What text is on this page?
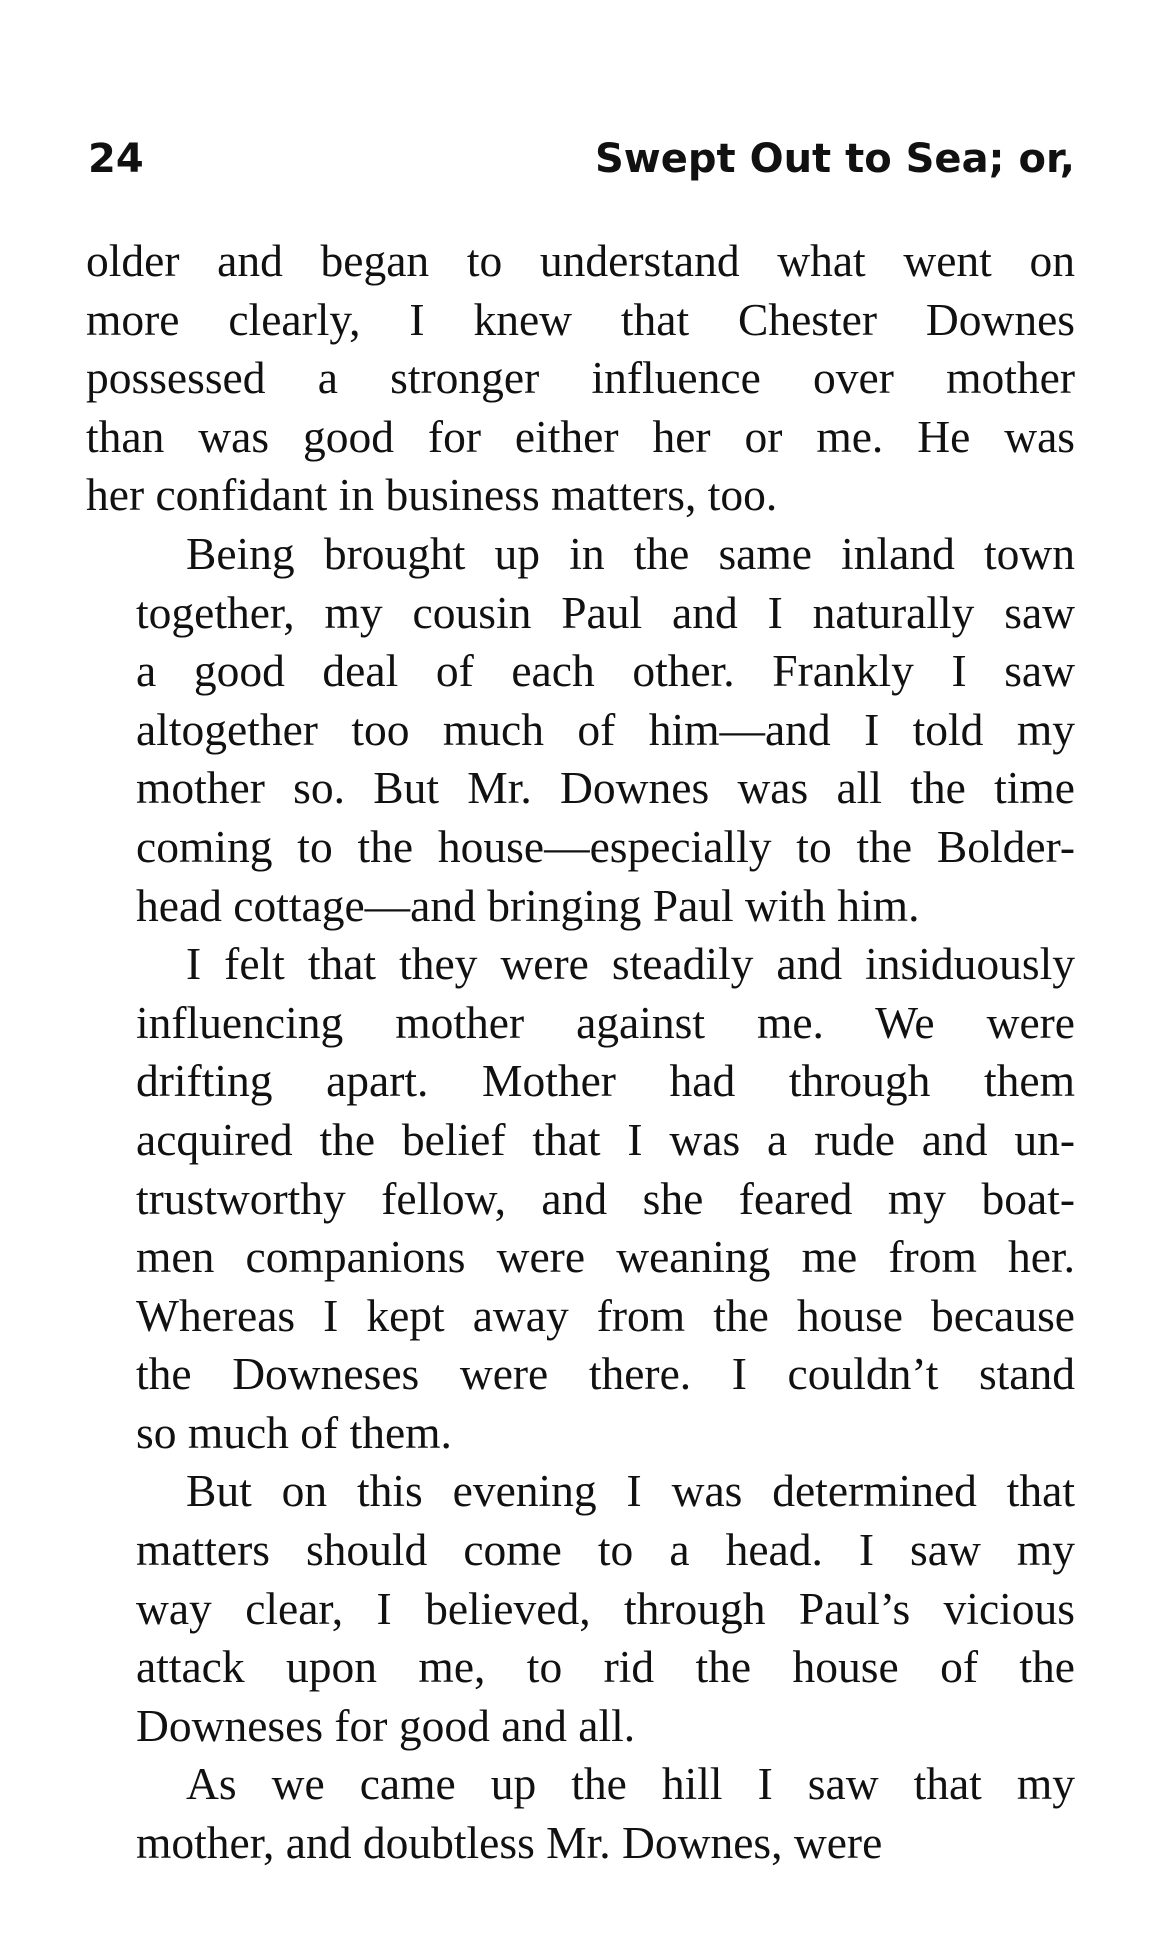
24	Swept Out to Sea; or,
older and began to understand what went on
more clearly, I knew that Chester Downes
possessed a stronger influence over mother
than was good for either her or me. He was
her confidant in business matters, too.
Being brought up in the same inland town
together, my cousin Paul and I naturally saw
a good deal of each other. Frankly I saw
altogether too much of him—and I told my
mother so. But Mr. Downes was all the time
coming to the house—especially to the Bolder-
head cottage—and bringing Paul with him.
I felt that they were steadily and insiduously
influencing mother against me. We were
drifting apart. Mother had through them
acquired the belief that I was a rude and un-
trustworthy fellow, and she feared my boat-
men companions were weaning me from her.
Whereas I kept away from the house because
the Downeses were there. I couldn’t stand
so much of them.
But on this evening I was determined that
matters should come to a head. I saw my
way clear, I believed, through Paul’s vicious
attack upon me, to rid the house of the
Downeses for good and all.
As we came up the hill I saw that my
mother, and doubtless Mr. Downes, were
